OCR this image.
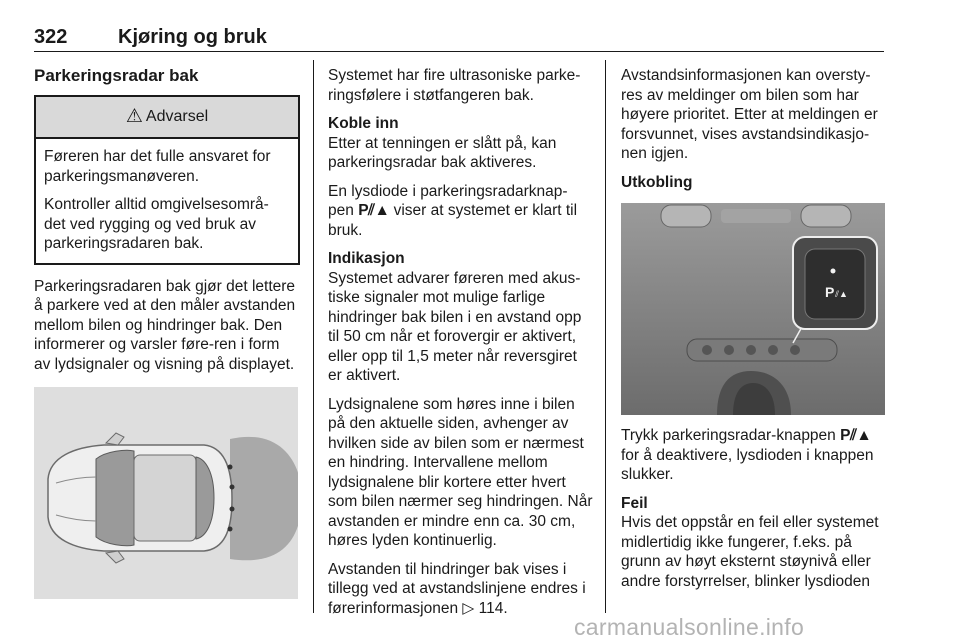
322	Kjøring og bruk
Parkeringsradar bak
⚠ Advarsel

Føreren har det fulle ansvaret for parkeringsmanøveren.

Kontroller alltid omgivelsesområ-det ved rygging og ved bruk av parkeringsradaren bak.

Parkeringsradaren bak gjør det lettere å parkere ved at den måler avstanden mellom bilen og hindringer bak. Den informerer og varsler føre-ren i form av lydsignaler og visning på displayet.

Systemet har fire ultrasoniske parke-ringsfølere i støtfangeren bak.

Koble inn

Etter at tenningen er slått på, kan parkeringsradar bak aktiveres.

En lysdiode i parkeringsradarknap-pen P⫽▲ viser at systemet er klart til bruk.

Indikasjon

Systemet advarer føreren med akus-tiske signaler mot mulige farlige hindringer bak bilen i en avstand opp til 50 cm når et forovergir er aktivert, eller opp til 1,5 meter når reversgiret er aktivert.

Lydsignalene som høres inne i bilen på den aktuelle siden, avhenger av hvilken side av bilen som er nærmest en hindring. Intervallene mellom lydsignalene blir kortere etter hvert som bilen nærmer seg hindringen. Når avstanden er mindre enn ca. 30 cm, høres lyden kontinuerlig.

Avstanden til hindringer bak vises i tillegg ved at avstandslinjene endres i førerinformasjonen ▷ 114.

Avstandsinformasjonen kan oversty-res av meldinger om bilen som har høyere prioritet. Etter at meldingen er forsvunnet, vises avstandsindikasjo-nen igjen.

Utkobling
P ⫽▲

Trykk parkeringsradar-knappen P⫽▲ for å deaktivere, lysdioden i knappen slukker.

Feil

Hvis det oppstår en feil eller systemet midlertidig ikke fungerer, f.eks. på grunn av høyt eksternt støynivå eller andre forstyrrelser, blinker lysdioden

carmanualsonline.info
